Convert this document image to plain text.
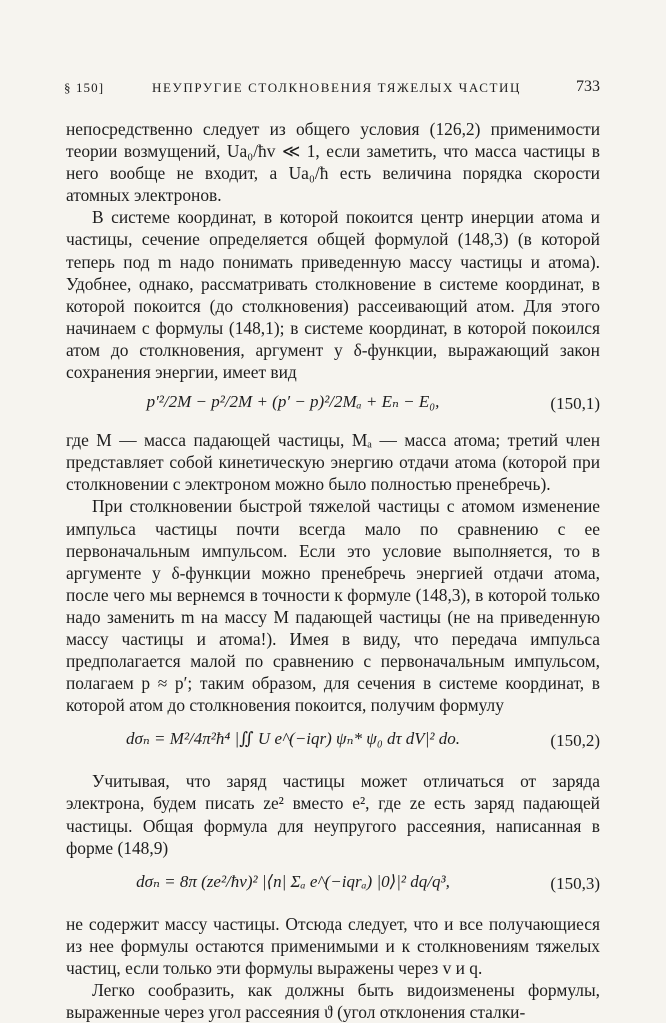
§ 150]	НЕУПРУГИЕ СТОЛКНОВЕНИЯ ТЯЖЕЛЫХ ЧАСТИЦ	733

непосредственно следует из общего условия (126,2) применимости теории возмущений, Ua₀/ħv ≪ 1, если заметить, что масса частицы в него вообще не входит, а Ua₀/ħ есть величина порядка скорости атомных электронов.

В системе координат, в которой покоится центр инерции атома и частицы, сечение определяется общей формулой (148,3) (в которой теперь под m надо понимать приведенную массу частицы и атома). Удобнее, однако, рассматривать столкновение в системе координат, в которой покоится (до столкновения) рассеивающий атом. Для этого начинаем с формулы (148,1); в системе координат, в которой покоился атом до столкновения, аргумент у δ-функции, выражающий закон сохранения энергии, имеет вид

p′²/2M − p²/2M + (p′ − p)²/2Mₐ + Eₙ − E₀,	(150,1)

где M — масса падающей частицы, Mₐ — масса атома; третий член представляет собой кинетическую энергию отдачи атома (которой при столкновении с электроном можно было полностью пренебречь).

При столкновении быстрой тяжелой частицы с атомом изменение импульса частицы почти всегда мало по сравнению с ее первоначальным импульсом. Если это условие выполняется, то в аргументе у δ-функции можно пренебречь энергией отдачи атома, после чего мы вернемся в точности к формуле (148,3), в которой только надо заменить m на массу M падающей частицы (не на приведенную массу частицы и атома!). Имея в виду, что передача импульса предполагается малой по сравнению с первоначальным импульсом, полагаем p ≈ p′; таким образом, для сечения в системе координат, в которой атом до столкновения покоится, получим формулу

dσₙ = M²/4π²ħ⁴ |∬ U e^(−iqr) ψₙ* ψ₀ dτ dV|² do.	(150,2)

Учитывая, что заряд частицы может отличаться от заряда электрона, будем писать ze² вместо e², где ze есть заряд падающей частицы. Общая формула для неупругого рассеяния, написанная в форме (148,9)

dσₙ = 8π (ze²/ħv)² |⟨n| Σₐ e^(−iqrₐ) |0⟩|² dq/q³,	(150,3)

не содержит массу частицы. Отсюда следует, что и все получающиеся из нее формулы остаются применимыми и к столкновениям тяжелых частиц, если только эти формулы выражены через v и q.

Легко сообразить, как должны быть видоизменены формулы, выраженные через угол рассеяния ϑ (угол отклонения сталки-
